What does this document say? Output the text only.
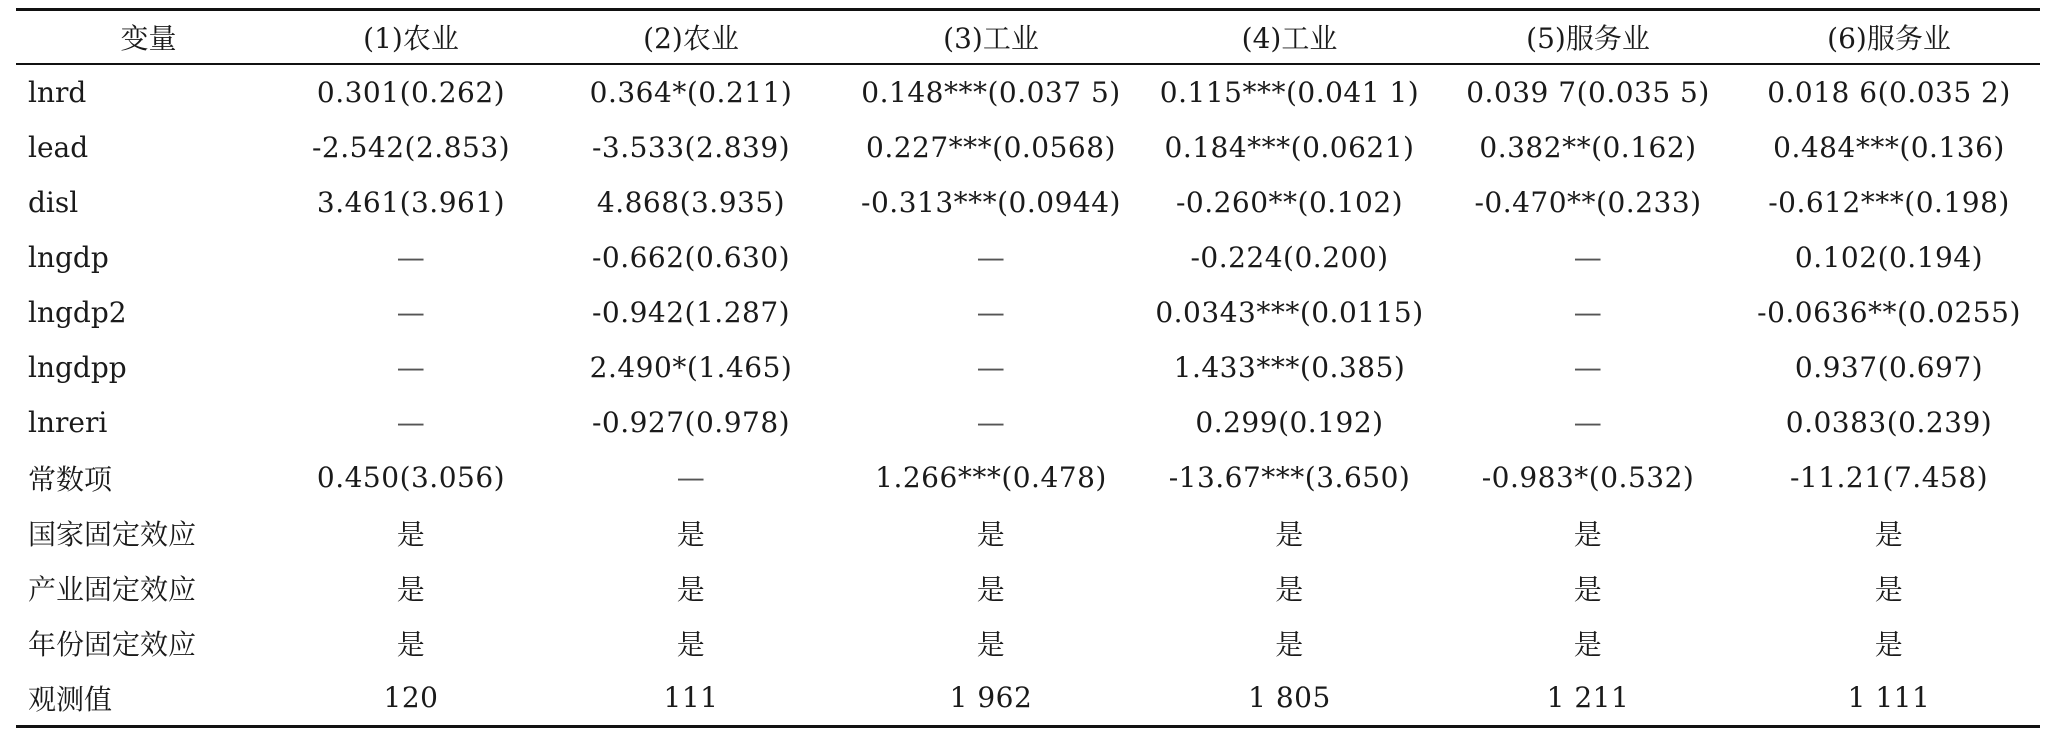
变量	(1)农业	(2)农业	(3)工业	(4)工业	(5)服务业	(6)服务业
lnrd	0.301(0.262)	0.364*(0.211)	0.148***(0.037 5)	0.115***(0.041 1)	0.039 7(0.035 5)	0.018 6(0.035 2)
lead	-2.542(2.853)	-3.533(2.839)	0.227***(0.0568)	0.184***(0.0621)	0.382**(0.162)	0.484***(0.136)
disl	3.461(3.961)	4.868(3.935)	-0.313***(0.0944)	-0.260**(0.102)	-0.470**(0.233)	-0.612***(0.198)
lngdp	—	-0.662(0.630)	—	-0.224(0.200)	—	0.102(0.194)
lngdp2	—	-0.942(1.287)	—	0.0343***(0.0115)	—	-0.0636**(0.0255)
lngdpp	—	2.490*(1.465)	—	1.433***(0.385)	—	0.937(0.697)
lnreri	—	-0.927(0.978)	—	0.299(0.192)	—	0.0383(0.239)
常数项	0.450(3.056)	—	1.266***(0.478)	-13.67***(3.650)	-0.983*(0.532)	-11.21(7.458)
国家固定效应	是	是	是	是	是	是
产业固定效应	是	是	是	是	是	是
年份固定效应	是	是	是	是	是	是
观测值	120	111	1 962	1 805	1 211	1 111
